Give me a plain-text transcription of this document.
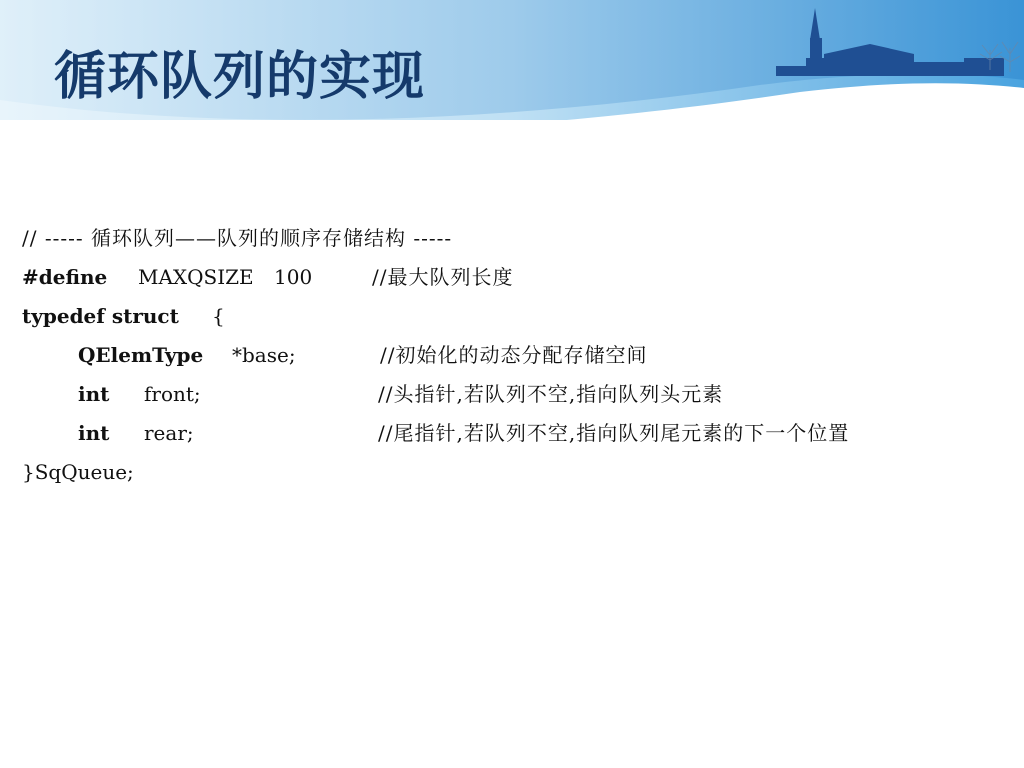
循环队列的实现
// ----- 循环队列——队列的顺序存储结构 -----
#define MAXQSIZE 100	//最大队列长度
typedef struct {
QElemType *base;	//初始化的动态分配存储空间
int front;	//头指针,若队列不空,指向队列头元素
int rear;	//尾指针,若队列不空,指向队列尾元素的下一个位置
}SqQueue;
